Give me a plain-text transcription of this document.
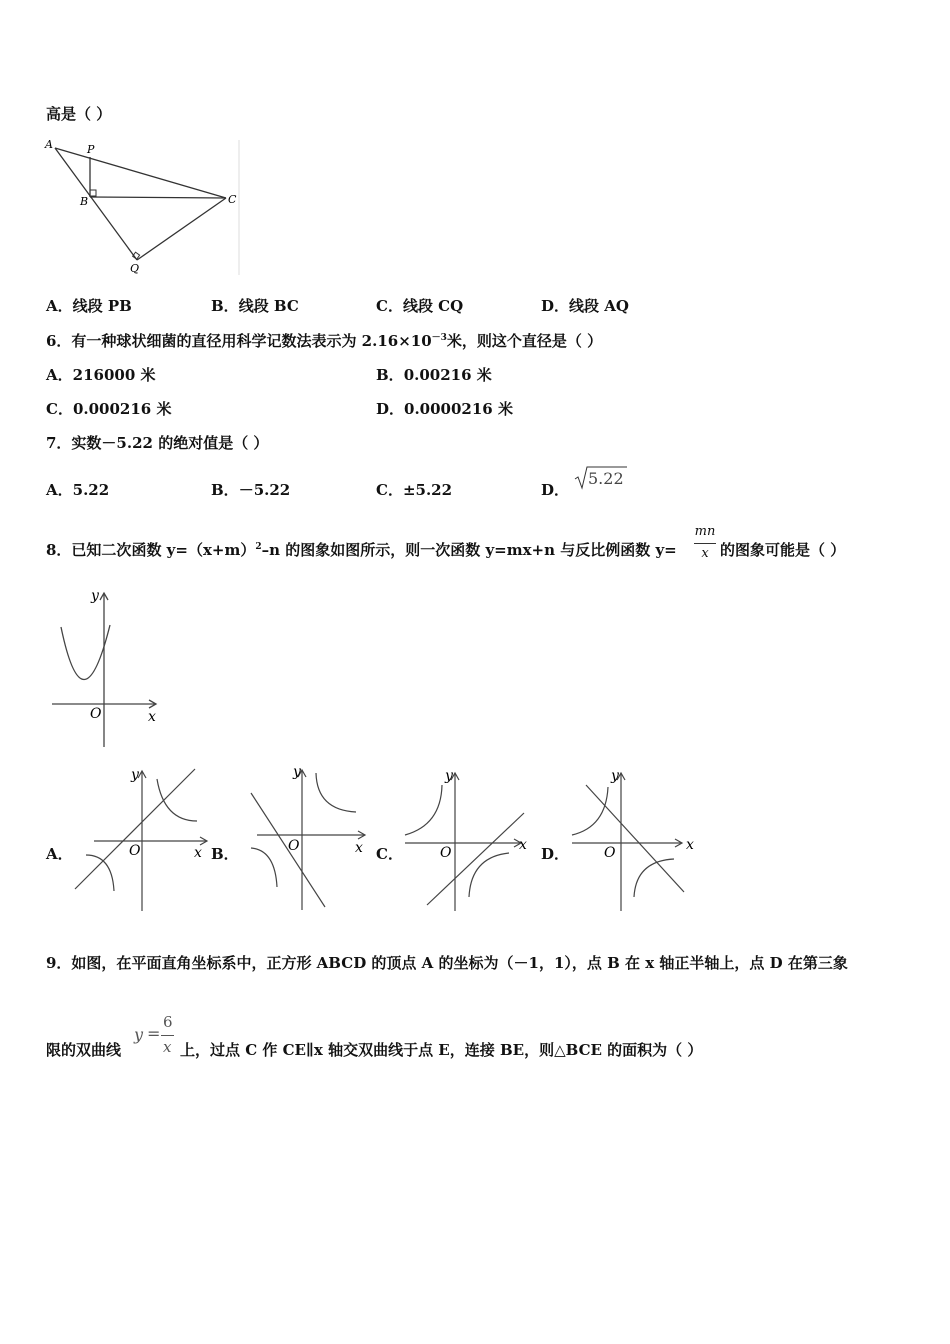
高是（ ）
A	P
B	C
Q
A．线段 PB	B．线段 BC	C．线段 CQ	D．线段 AQ
6．有一种球状细菌的直径用科学记数法表示为 $2.16\times 10^{-3}$米，则这个直径是（ ）
A．216000 米	B．0.00216 米
C．0.000216 米	D．0.0000216 米
7．实数－5.22 的绝对值是（ ）
A．5.22	B．－5.22	C．±5.22	D．
5.22
8．已知二次函数 $y=(x+m)^2-n$ 的图象如图所示，则一次函数 y=mx+n 与反比例函数 y=
mn
x 的图象可能是（ ）
y
x
O
A．	B．	C．	D．
y
x
O
y
x
O
y
x
O
y
x
O
9．如图，在平面直角坐标系中，正方形 ABCD 的顶点 A 的坐标为（－1，1），点 B 在 x 轴正半轴上，点 D 在第三象
限的双曲线
y =
6
x 上，过点 C 作 CE∥x 轴交双曲线于点 E，连接 BE，则△BCE 的面积为（ ）
